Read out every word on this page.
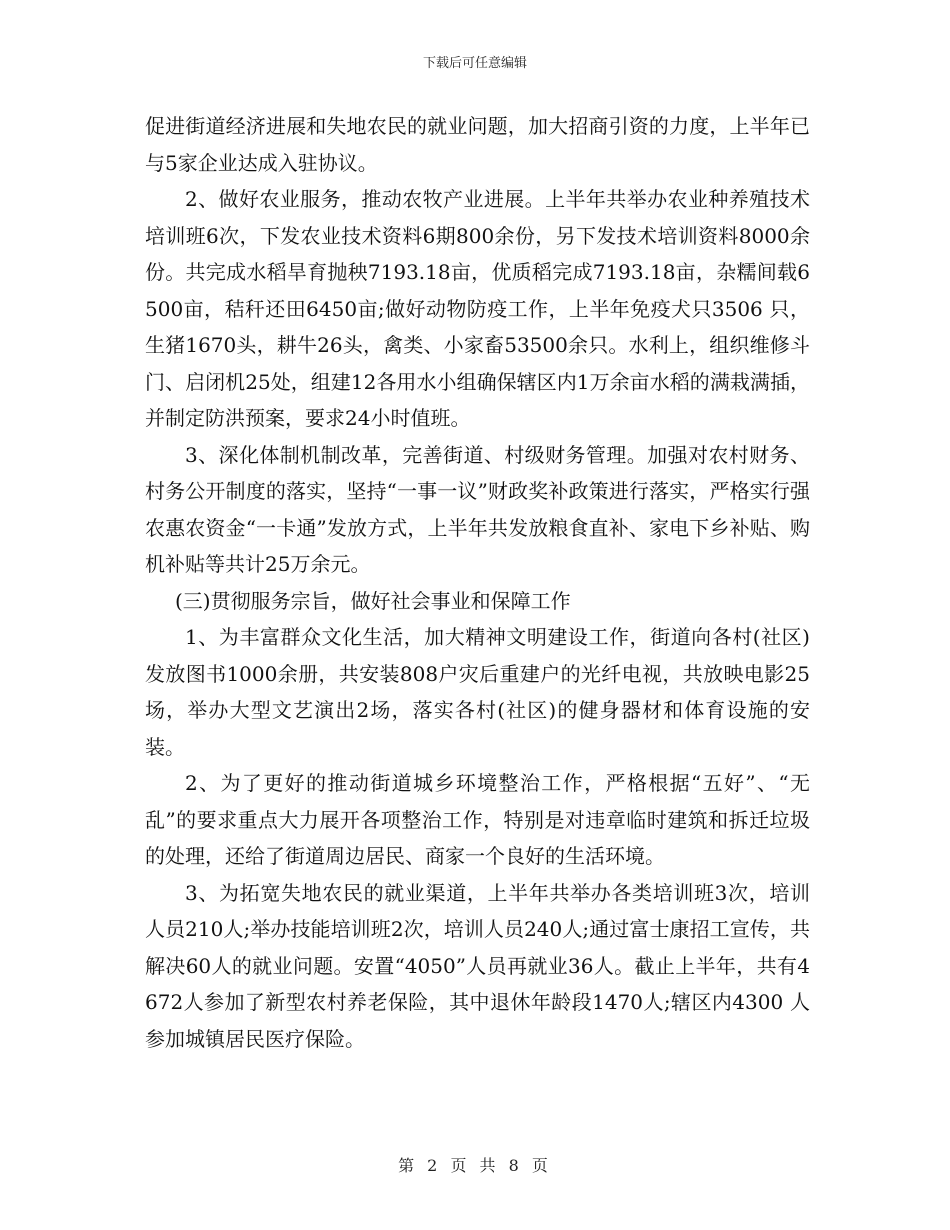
下载后可任意编辑

促进街道经济进展和失地农民的就业问题，加大招商引资的力度，上半年已与5家企业达成入驻协议。

2、做好农业服务，推动农牧产业进展。上半年共举办农业种养殖技术培训班6次，下发农业技术资料6期800余份，另下发技术培训资料8000余份。共完成水稻旱育抛秧7193.18亩，优质稻完成7193.18亩，杂糯间载6500亩，秸秆还田6450亩;做好动物防疫工作，上半年免疫犬只3506 只，生猪1670头，耕牛26头，禽类、小家畜53500余只。水利上，组织维修斗门、启闭机25处，组建12各用水小组确保辖区内1万余亩水稻的满栽满插，并制定防洪预案，要求24小时值班。

3、深化体制机制改革，完善街道、村级财务管理。加强对农村财务、村务公开制度的落实，坚持“一事一议”财政奖补政策进行落实，严格实行强农惠农资金“一卡通”发放方式，上半年共发放粮食直补、家电下乡补贴、购机补贴等共计25万余元。

(三)贯彻服务宗旨，做好社会事业和保障工作

1、为丰富群众文化生活，加大精神文明建设工作，街道向各村(社区)发放图书1000余册，共安装808户灾后重建户的光纤电视，共放映电影25场，举办大型文艺演出2场，落实各村(社区)的健身器材和体育设施的安装。

2、为了更好的推动街道城乡环境整治工作，严格根据“五好”、“无乱”的要求重点大力展开各项整治工作，特别是对违章临时建筑和拆迁垃圾的处理，还给了街道周边居民、商家一个良好的生活环境。

3、为拓宽失地农民的就业渠道，上半年共举办各类培训班3次，培训人员210人;举办技能培训班2次，培训人员240人;通过富士康招工宣传，共解决60人的就业问题。安置“4050”人员再就业36人。截止上半年，共有4672人参加了新型农村养老保险，其中退休年龄段1470人;辖区内4300 人参加城镇居民医疗保险。

第 2 页 共 8 页
